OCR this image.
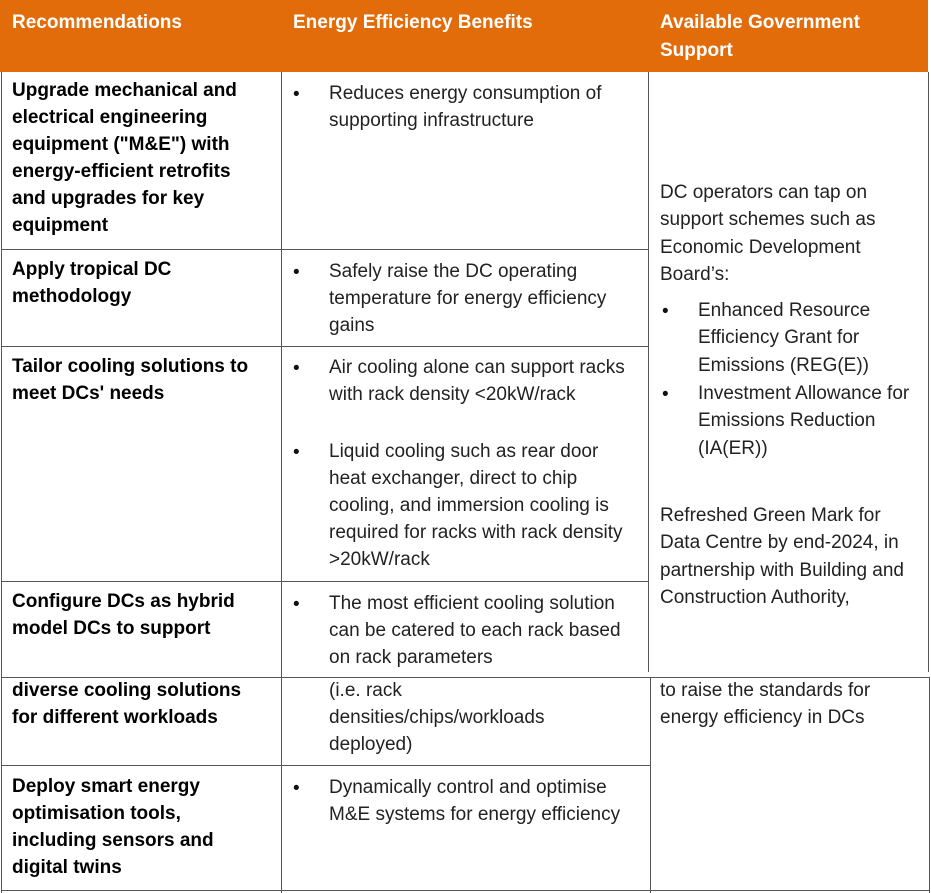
Recommendations	Energy Efficiency Benefits	Available Government Support
Upgrade mechanical and electrical engineering equipment ("M&E") with energy-efficient retrofits and upgrades for key equipment
• Reduces energy consumption of supporting infrastructure
Apply tropical DC methodology
• Safely raise the DC operating temperature for energy efficiency gains
Tailor cooling solutions to meet DCs' needs
• Air cooling alone can support racks with rack density <20kW/rack
• Liquid cooling such as rear door heat exchanger, direct to chip cooling, and immersion cooling is required for racks with rack density >20kW/rack
Configure DCs as hybrid model DCs to support
• The most efficient cooling solution can be catered to each rack based on rack parameters
diverse cooling solutions for different workloads
(i.e. rack densities/chips/workloads deployed)
Deploy smart energy optimisation tools, including sensors and digital twins
• Dynamically control and optimise M&E systems for energy efficiency
DC operators can tap on support schemes such as Economic Development Board’s:
• Enhanced Resource Efficiency Grant for Emissions (REG(E))
• Investment Allowance for Emissions Reduction (IA(ER))
Refreshed Green Mark for Data Centre by end-2024, in partnership with Building and Construction Authority,
to raise the standards for energy efficiency in DCs
